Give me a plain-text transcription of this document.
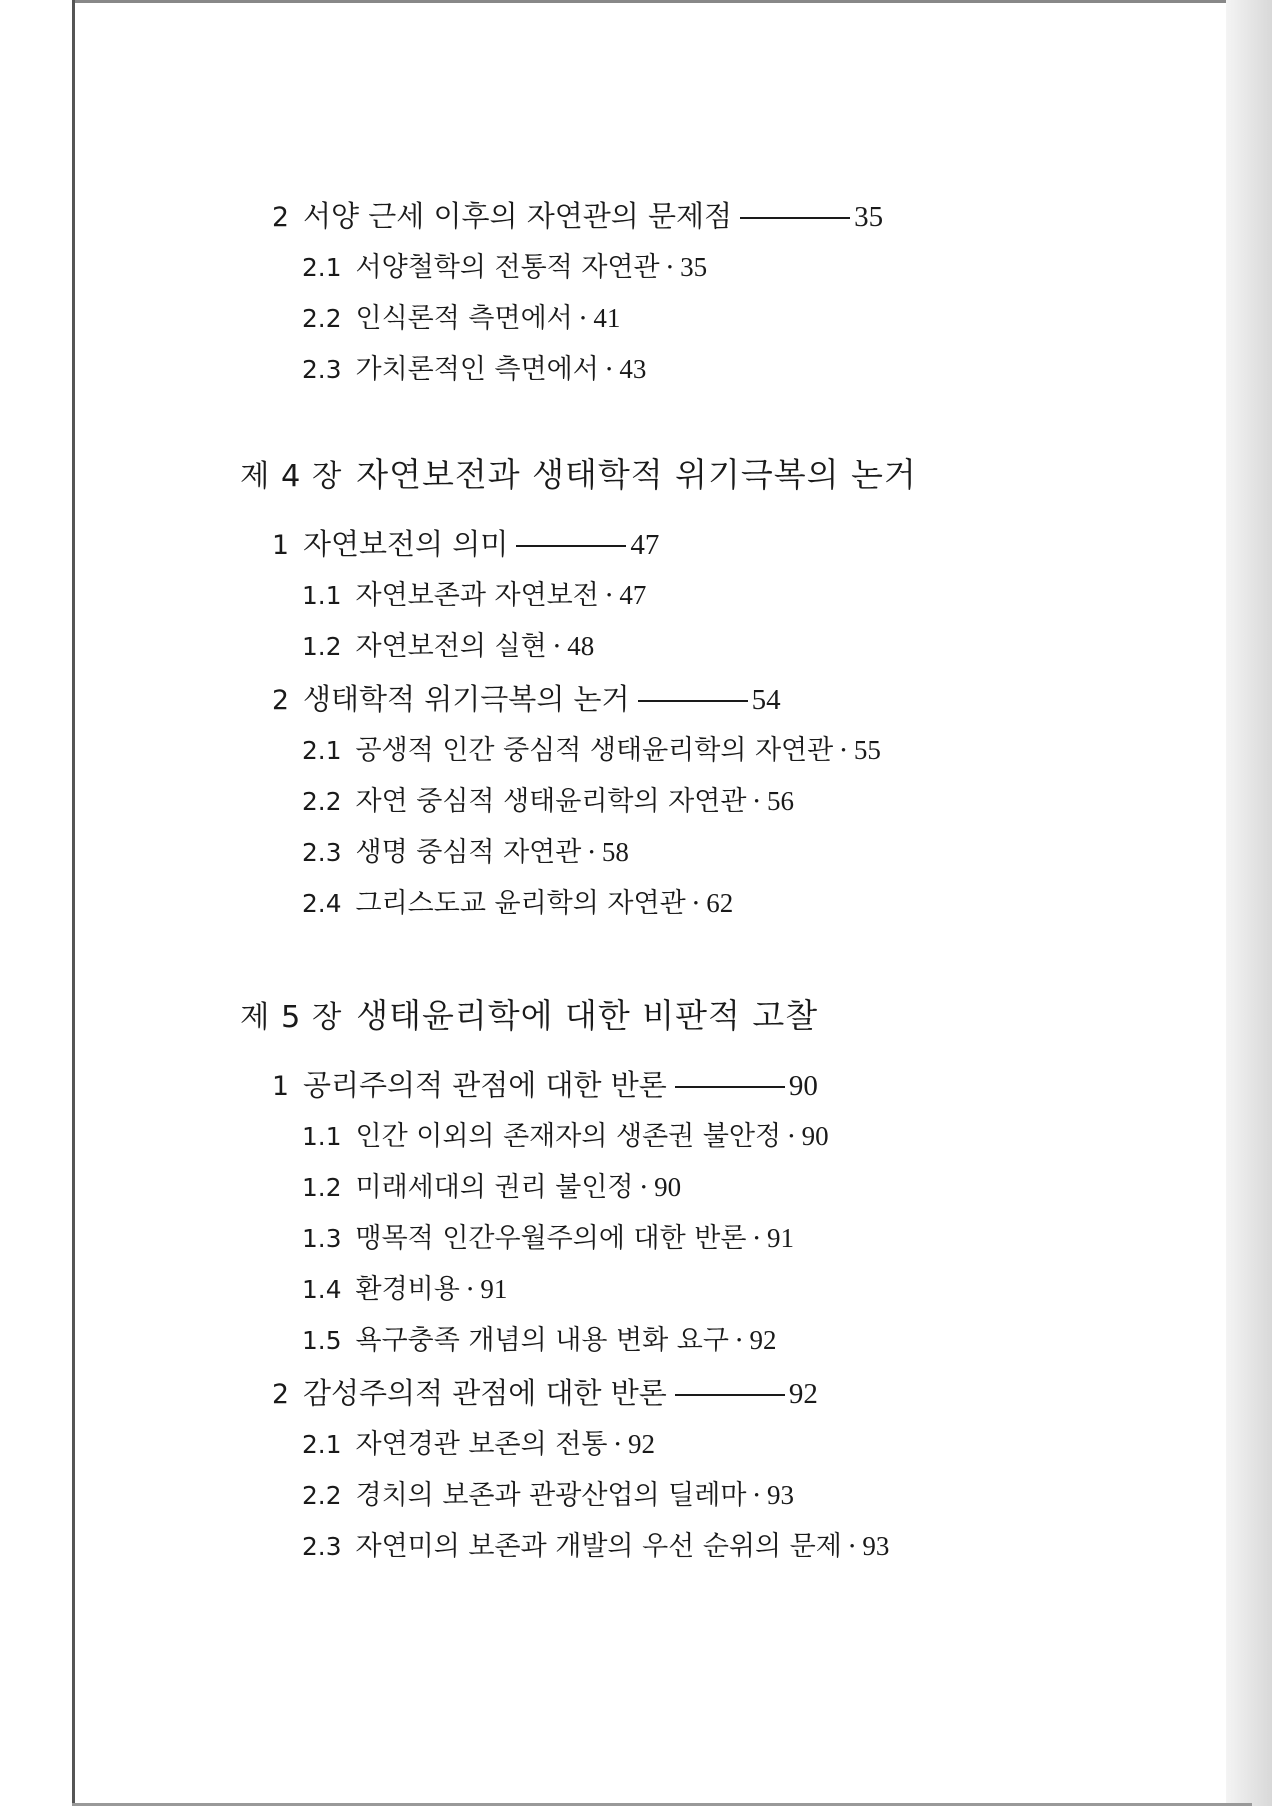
2 서양 근세 이후의 자연관의 문제점	35
2.1 서양철학의 전통적 자연관 · 35
2.2 인식론적 측면에서 · 41
2.3 가치론적인 측면에서 · 43
제 4 장 자연보전과 생태학적 위기극복의 논거
1 자연보전의 의미	47
1.1 자연보존과 자연보전 · 47
1.2 자연보전의 실현 · 48
2 생태학적 위기극복의 논거	54
2.1 공생적 인간 중심적 생태윤리학의 자연관 · 55
2.2 자연 중심적 생태윤리학의 자연관 · 56
2.3 생명 중심적 자연관 · 58
2.4 그리스도교 윤리학의 자연관 · 62
제 5 장 생태윤리학에 대한 비판적 고찰
1 공리주의적 관점에 대한 반론	90
1.1 인간 이외의 존재자의 생존권 불안정 · 90
1.2 미래세대의 권리 불인정 · 90
1.3 맹목적 인간우월주의에 대한 반론 · 91
1.4 환경비용 · 91
1.5 욕구충족 개념의 내용 변화 요구 · 92
2 감성주의적 관점에 대한 반론	92
2.1 자연경관 보존의 전통 · 92
2.2 경치의 보존과 관광산업의 딜레마 · 93
2.3 자연미의 보존과 개발의 우선 순위의 문제 · 93
